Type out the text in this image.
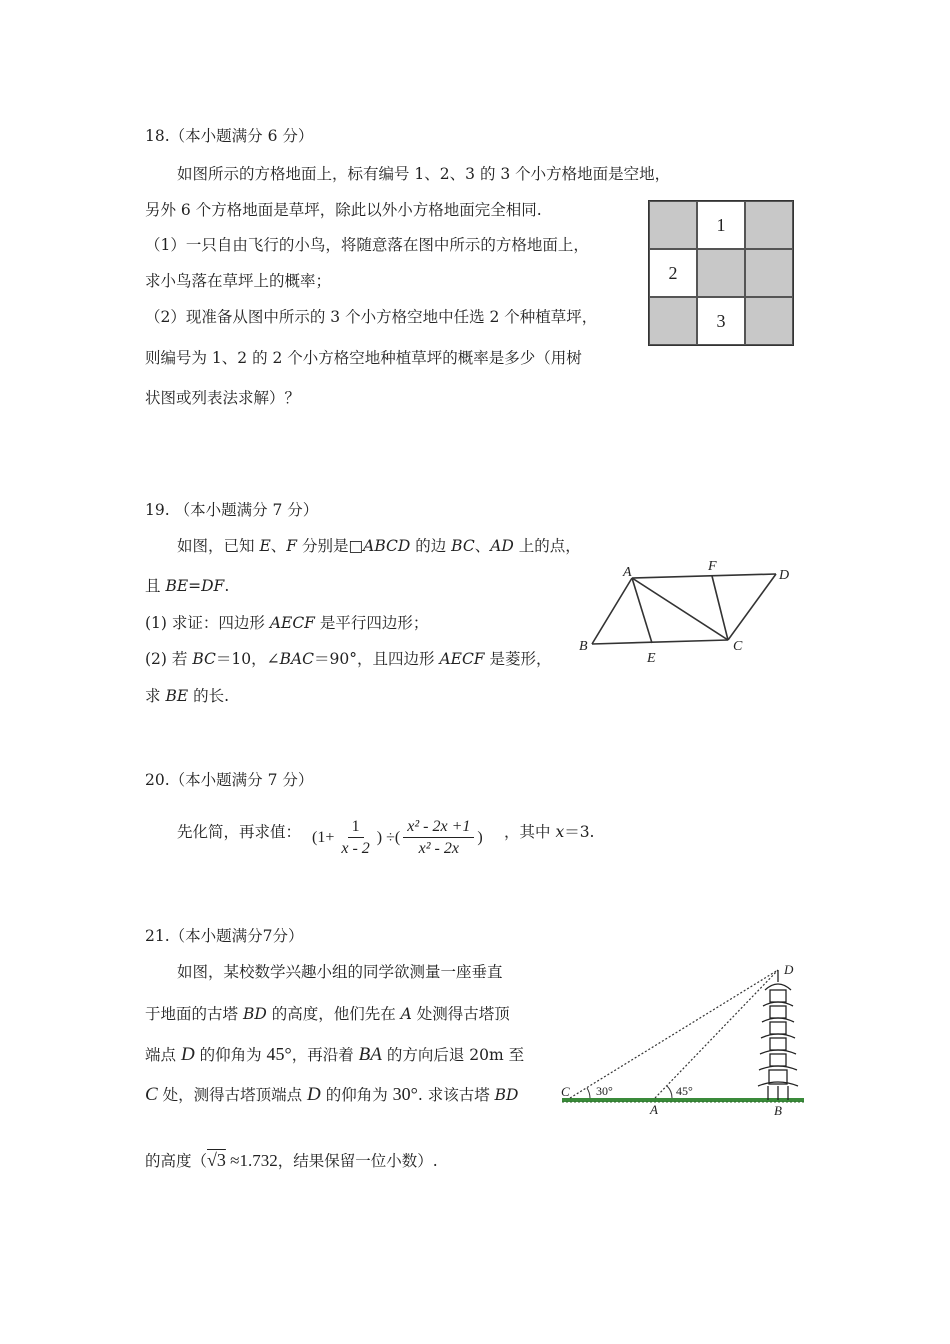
18.（本小题满分 6 分）
如图所示的方格地面上，标有编号 1、2、3 的 3 个小方格地面是空地，
另外 6 个方格地面是草坪，除此以外小方格地面完全相同.
（1）一只自由飞行的小鸟，将随意落在图中所示的方格地面上，
求小鸟落在草坪上的概率；
（2）现准备从图中所示的 3 个小方格空地中任选 2 个种植草坪，
则编号为 1、2 的 2 个小方格空地种植草坪的概率是多少（用树
状图或列表法求解）？
1
2
3
19. （本小题满分 7 分）
如图，已知 E、F 分别是□ABCD 的边 BC、AD 上的点，
且 BE=DF.
(1) 求证：四边形 AECF 是平行四边形；
(2) 若 BC＝10，∠BAC＝90°，且四边形 AECF 是菱形，
求 BE 的长.
A	F
D
B
E
C
20.（本小题满分 7 分）
先化简，再求值： ($1+ \frac{1}{x - 2}$ ) ÷( $\frac{\text{x² - 2x +1}}{\text{x² - 2x}}$ ) ，其中 x＝3.
21.（本小题满分7分）
如图，某校数学兴趣小组的同学欲测量一座垂直
于地面的古塔 BD 的高度，他们先在 A 处测得古塔顶
端点 D 的仰角为 45°，再沿着 BA 的方向后退 20m 至
C 处，测得古塔顶端点 D 的仰角为 30°. 求该古塔 BD
的高度（√3 ≈1.732，结果保留一位小数）.
D
C
A	B
30°	45°
